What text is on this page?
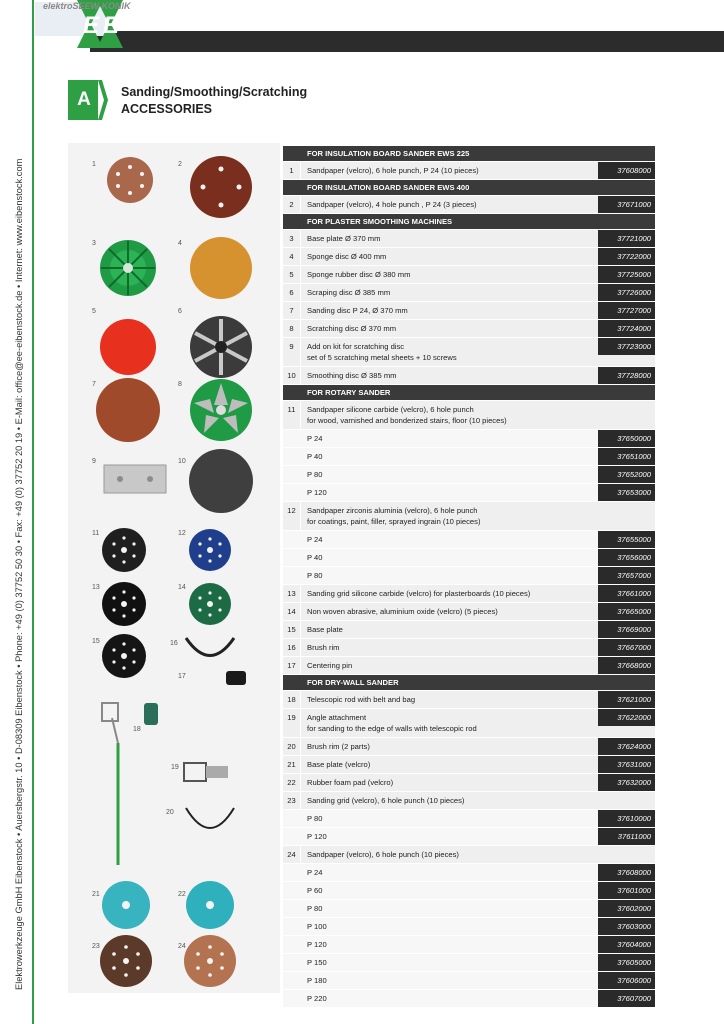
Elektrowerkzeuge GmbH Eibenstock • Auersbergstr. 10 • D-08309 Eibenstock • Phone: +49 (0) 37752 50 30 • Fax: +49 (0) 37752 20 19 • E-Mail: office@ee-eibenstock.de • Internet: www.eibenstock.com
E E
elektroSEEW KONIK
A	Sanding/Smoothing/Scratching
ACCESSORIES
1	2
3	4
5	6
7	8
9	10
11	12
13	14
15	16
17
18
19
20
21	22
23	24
FOR INSULATION BOARD SANDER EWS 225
1	Sandpaper (velcro), 6 hole punch, P 24 (10 pieces)	37608000
FOR INSULATION BOARD SANDER EWS 400
2	Sandpaper (velcro), 4 hole punch , P 24 (3 pieces)	37671000
FOR PLASTER SMOOTHING MACHINES
3	Base plate Ø 370 mm	37721000
4	Sponge disc Ø 400 mm	37722000
5	Sponge rubber disc Ø 380 mm	37725000
6	Scraping disc Ø 385 mm	37726000
7	Sanding disc P 24, Ø 370 mm	37727000
8	Scratching disc Ø 370 mm	37724000
9	Add on kit for scratching disc
set of 5 scratching metal sheets + 10 screws
37723000
10	Smoothing disc Ø 385 mm	37728000
FOR ROTARY SANDER
11	Sandpaper silicone carbide (velcro), 6 hole punch
for wood, varnished and bonderized stairs, floor (10 pieces)
P 24	37650000
P 40	37651000
P 80	37652000
P 120	37653000
12	Sandpaper zirconis aluminia (velcro), 6 hole punch
for coatings, paint, filler, sprayed ingrain (10 pieces)
P 24	37655000
P 40	37656000
P 80	37657000
13	Sanding grid silicone carbide (velcro) for plasterboards (10 pieces)	37661000
14	Non woven abrasive, aluminium oxide (velcro) (5 pieces)	37665000
15	Base plate	37669000
16	Brush rim	37667000
17	Centering pin	37668000
FOR DRY-WALL SANDER
18	Telescopic rod with belt and bag	37621000
19	Angle attachment
for sanding to the edge of walls with telescopic rod
37622000
20	Brush rim (2 parts)	37624000
21	Base plate (velcro)	37631000
22	Rubber foam pad (velcro)	37632000
23	Sanding grid (velcro), 6 hole punch (10 pieces)
P 80	37610000
P 120	37611000
24	Sandpaper (velcro), 6 hole punch (10 pieces)
P 24	37608000
P 60	37601000
P 80	37602000
P 100	37603000
P 120	37604000
P 150	37605000
P 180	37606000
P 220	37607000
